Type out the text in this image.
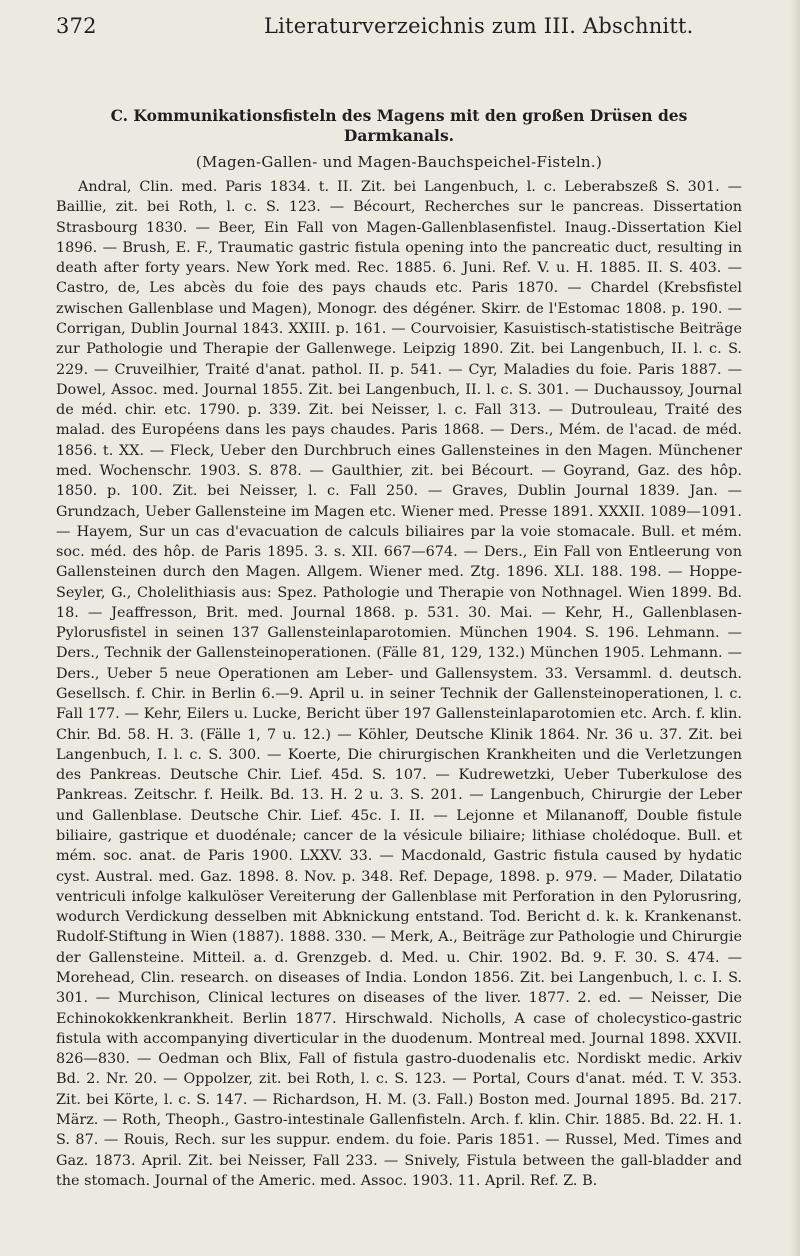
372	Literaturverzeichnis zum III. Abschnitt.
C. Kommunikationsfisteln des Magens mit den großen Drüsen des
Darmkanals.
(Magen-Gallen- und Magen-Bauchspeichel-Fisteln.)

Andral, Clin. med. Paris 1834. t. II. Zit. bei Langenbuch, l. c. Leberabszeß S. 301. — Baillie, zit. bei Roth, l. c. S. 123. — Bécourt, Recherches sur le pancreas. Dissertation Strasbourg 1830. — Beer, Ein Fall von Magen-Gallenblasenfistel. Inaug.-Dissertation Kiel 1896. — Brush, E. F., Traumatic gastric fistula opening into the pancreatic duct, resulting in death after forty years. New York med. Rec. 1885. 6. Juni. Ref. V. u. H. 1885. II. S. 403. — Castro, de, Les abcès du foie des pays chauds etc. Paris 1870. — Chardel (Krebsfistel zwischen Gallenblase und Magen), Monogr. des dégéner. Skirr. de l'Estomac 1808. p. 190. — Corrigan, Dublin Journal 1843. XXIII. p. 161. — Courvoisier, Kasuistisch-statistische Beiträge zur Pathologie und Therapie der Gallenwege. Leipzig 1890. Zit. bei Langenbuch, II. l. c. S. 229. — Cruveilhier, Traité d'anat. pathol. II. p. 541. — Cyr, Maladies du foie. Paris 1887. — Dowel, Assoc. med. Journal 1855. Zit. bei Langenbuch, II. l. c. S. 301. — Duchaussoy, Journal de méd. chir. etc. 1790. p. 339. Zit. bei Neisser, l. c. Fall 313. — Dutrouleau, Traité des malad. des Européens dans les pays chaudes. Paris 1868. — Ders., Mém. de l'acad. de méd. 1856. t. XX. — Fleck, Ueber den Durchbruch eines Gallensteines in den Magen. Münchener med. Wochenschr. 1903. S. 878. — Gaulthier, zit. bei Bécourt. — Goyrand, Gaz. des hôp. 1850. p. 100. Zit. bei Neisser, l. c. Fall 250. — Graves, Dublin Journal 1839. Jan. — Grundzach, Ueber Gallensteine im Magen etc. Wiener med. Presse 1891. XXXII. 1089—1091. — Hayem, Sur un cas d'evacuation de calculs biliaires par la voie stomacale. Bull. et mém. soc. méd. des hôp. de Paris 1895. 3. s. XII. 667—674. — Ders., Ein Fall von Entleerung von Gallensteinen durch den Magen. Allgem. Wiener med. Ztg. 1896. XLI. 188. 198. — Hoppe-Seyler, G., Cholelithiasis aus: Spez. Pathologie und Therapie von Nothnagel. Wien 1899. Bd. 18. — Jeaffresson, Brit. med. Journal 1868. p. 531. 30. Mai. — Kehr, H., Gallenblasen-Pylorusfistel in seinen 137 Gallensteinlaparotomien. München 1904. S. 196. Lehmann. — Ders., Technik der Gallensteinoperationen. (Fälle 81, 129, 132.) München 1905. Lehmann. — Ders., Ueber 5 neue Operationen am Leber- und Gallensystem. 33. Versamml. d. deutsch. Gesellsch. f. Chir. in Berlin 6.—9. April u. in seiner Technik der Gallensteinoperationen, l. c. Fall 177. — Kehr, Eilers u. Lucke, Bericht über 197 Gallensteinlaparotomien etc. Arch. f. klin. Chir. Bd. 58. H. 3. (Fälle 1, 7 u. 12.) — Köhler, Deutsche Klinik 1864. Nr. 36 u. 37. Zit. bei Langenbuch, I. l. c. S. 300. — Koerte, Die chirurgischen Krankheiten und die Verletzungen des Pankreas. Deutsche Chir. Lief. 45d. S. 107. — Kudrewetzki, Ueber Tuberkulose des Pankreas. Zeitschr. f. Heilk. Bd. 13. H. 2 u. 3. S. 201. — Langenbuch, Chirurgie der Leber und Gallenblase. Deutsche Chir. Lief. 45c. I. II. — Lejonne et Milananoff, Double fistule biliaire, gastrique et duodénale; cancer de la vésicule biliaire; lithiase cholédoque. Bull. et mém. soc. anat. de Paris 1900. LXXV. 33. — Macdonald, Gastric fistula caused by hydatic cyst. Austral. med. Gaz. 1898. 8. Nov. p. 348. Ref. Depage, 1898. p. 979. — Mader, Dilatatio ventriculi infolge kalkulöser Vereiterung der Gallenblase mit Perforation in den Pylorusring, wodurch Verdickung desselben mit Abknickung entstand. Tod. Bericht d. k. k. Krankenanst. Rudolf-Stiftung in Wien (1887). 1888. 330. — Merk, A., Beiträge zur Pathologie und Chirurgie der Gallensteine. Mitteil. a. d. Grenzgeb. d. Med. u. Chir. 1902. Bd. 9. F. 30. S. 474. — Morehead, Clin. research. on diseases of India. London 1856. Zit. bei Langenbuch, l. c. I. S. 301. — Murchison, Clinical lectures on diseases of the liver. 1877. 2. ed. — Neisser, Die Echinokokkenkrankheit. Berlin 1877. Hirschwald. Nicholls, A case of cholecystico-gastric fistula with accompanying diverticular in the duodenum. Montreal med. Journal 1898. XXVII. 826—830. — Oedman och Blix, Fall of fistula gastro-duodenalis etc. Nordiskt medic. Arkiv Bd. 2. Nr. 20. — Oppolzer, zit. bei Roth, l. c. S. 123. — Portal, Cours d'anat. méd. T. V. 353. Zit. bei Körte, l. c. S. 147. — Richardson, H. M. (3. Fall.) Boston med. Journal 1895. Bd. 217. März. — Roth, Theoph., Gastro-intestinale Gallenfisteln. Arch. f. klin. Chir. 1885. Bd. 22. H. 1. S. 87. — Rouis, Rech. sur les suppur. endem. du foie. Paris 1851. — Russel, Med. Times and Gaz. 1873. April. Zit. bei Neisser, Fall 233. — Snively, Fistula between the gall-bladder and the stomach. Journal of the Americ. med. Assoc. 1903. 11. April. Ref. Z. B.
